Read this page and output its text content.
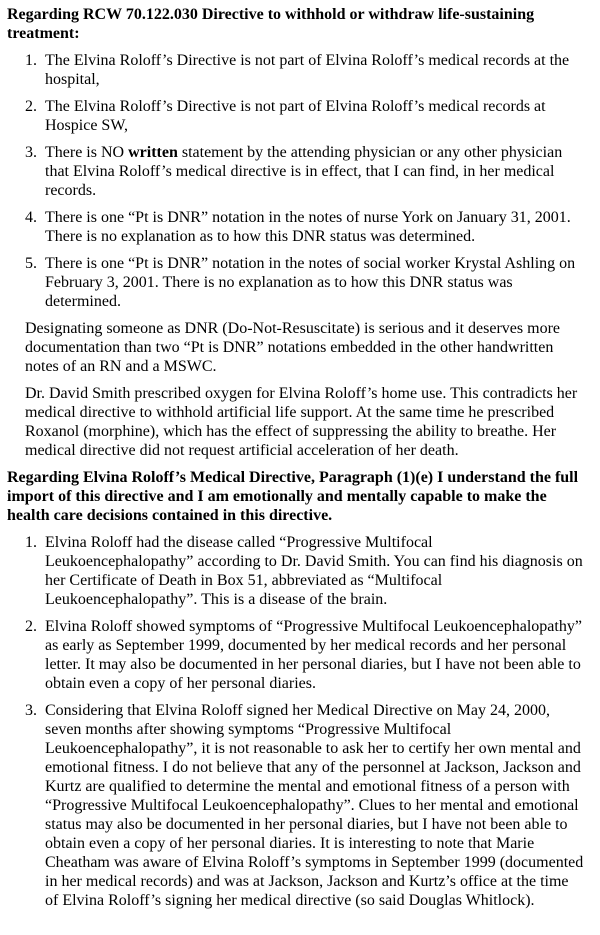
Regarding RCW 70.122.030 Directive to withhold or withdraw life-sustaining treatment:
1. The Elvina Roloff’s Directive is not part of Elvina Roloff’s medical records at the hospital,
2. The Elvina Roloff’s Directive is not part of Elvina Roloff’s medical records at Hospice SW,
3. There is NO written statement by the attending physician or any other physician that Elvina Roloff’s medical directive is in effect, that I can find, in her medical records.
4. There is one “Pt is DNR” notation in the notes of nurse York on January 31, 2001. There is no explanation as to how this DNR status was determined.
5. There is one “Pt is DNR” notation in the notes of social worker Krystal Ashling on February 3, 2001. There is no explanation as to how this DNR status was determined.

Designating someone as DNR (Do-Not-Resuscitate) is serious and it deserves more documentation than two “Pt is DNR” notations embedded in the other handwritten notes of an RN and a MSWC.

Dr. David Smith prescribed oxygen for Elvina Roloff’s home use. This contradicts her medical directive to withhold artificial life support. At the same time he prescribed Roxanol (morphine), which has the effect of suppressing the ability to breathe. Her medical directive did not request artificial acceleration of her death.

Regarding Elvina Roloff’s Medical Directive, Paragraph (1)(e) I understand the full import of this directive and I am emotionally and mentally capable to make the health care decisions contained in this directive.
1. Elvina Roloff had the disease called “Progressive Multifocal Leukoencephalopathy” according to Dr. David Smith. You can find his diagnosis on her Certificate of Death in Box 51, abbreviated as “Multifocal Leukoencephalopathy”. This is a disease of the brain.
2. Elvina Roloff showed symptoms of “Progressive Multifocal Leukoencephalopathy” as early as September 1999, documented by her medical records and her personal letter. It may also be documented in her personal diaries, but I have not been able to obtain even a copy of her personal diaries.
3. Considering that Elvina Roloff signed her Medical Directive on May 24, 2000, seven months after showing symptoms “Progressive Multifocal Leukoencephalopathy”, it is not reasonable to ask her to certify her own mental and emotional fitness. I do not believe that any of the personnel at Jackson, Jackson and Kurtz are qualified to determine the mental and emotional fitness of a person with “Progressive Multifocal Leukoencephalopathy”. Clues to her mental and emotional status may also be documented in her personal diaries, but I have not been able to obtain even a copy of her personal diaries. It is interesting to note that Marie Cheatham was aware of Elvina Roloff’s symptoms in September 1999 (documented in her medical records) and was at Jackson, Jackson and Kurtz’s office at the time of Elvina Roloff’s signing her medical directive (so said Douglas Whitlock).
